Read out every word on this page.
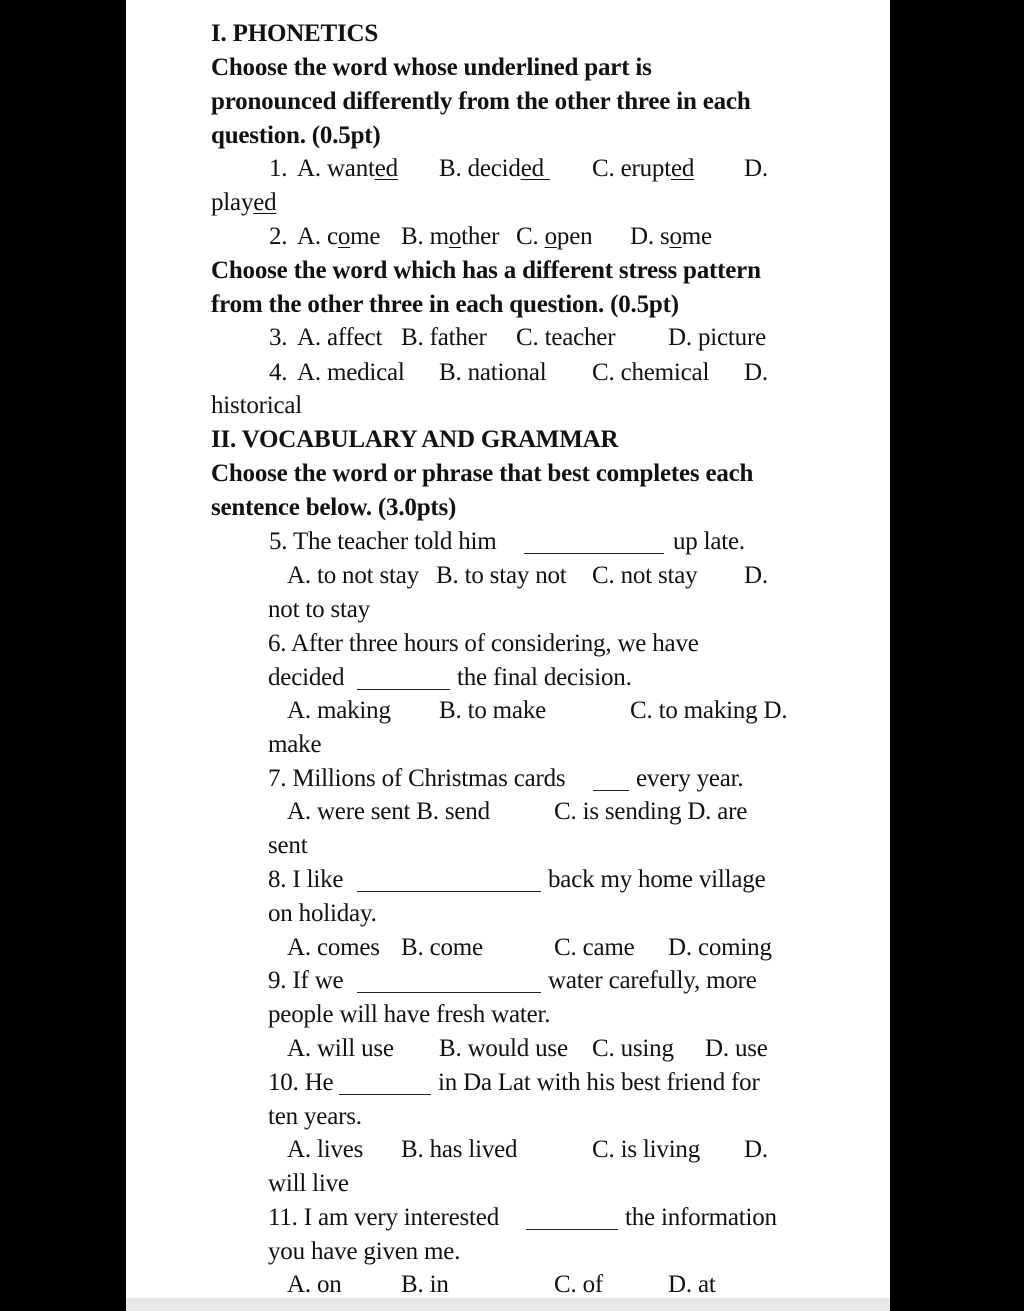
I. PHONETICS
Choose the word whose underlined part is
pronounced differently from the other three in each
question. (0.5pt)
1. A. wanted B. decided C. erupted D.
played
2. A. come B. mother C. open D. some
Choose the word which has a different stress pattern
from the other three in each question. (0.5pt)
3. A. affect B. father C. teacher D. picture
4. A. medical B. national C. chemical D.
historical
II. VOCABULARY AND GRAMMAR
Choose the word or phrase that best completes each
sentence below. (3.0pts)
5. The teacher told him	up late.
A. to not stay B. to stay not C. not stay D.
not to stay
6. After three hours of considering, we have
decided	the final decision.
A. making B. to make	C. to making D.
make
7. Millions of Christmas cards	every year.
A. were sent B. send	C. is sending D. are
sent
8. I like	back my home village
on holiday.
A. comes B. come	C. came D. coming
9. If we	water carefully, more
people will have fresh water.
A. will use B. would use C. using D. use
10. He	in Da Lat with his best friend for
ten years.
A. lives B. has lived	C. is living D.
will live
11. I am very interested	the information
you have given me.
A. on B. in	C. of	D. at
